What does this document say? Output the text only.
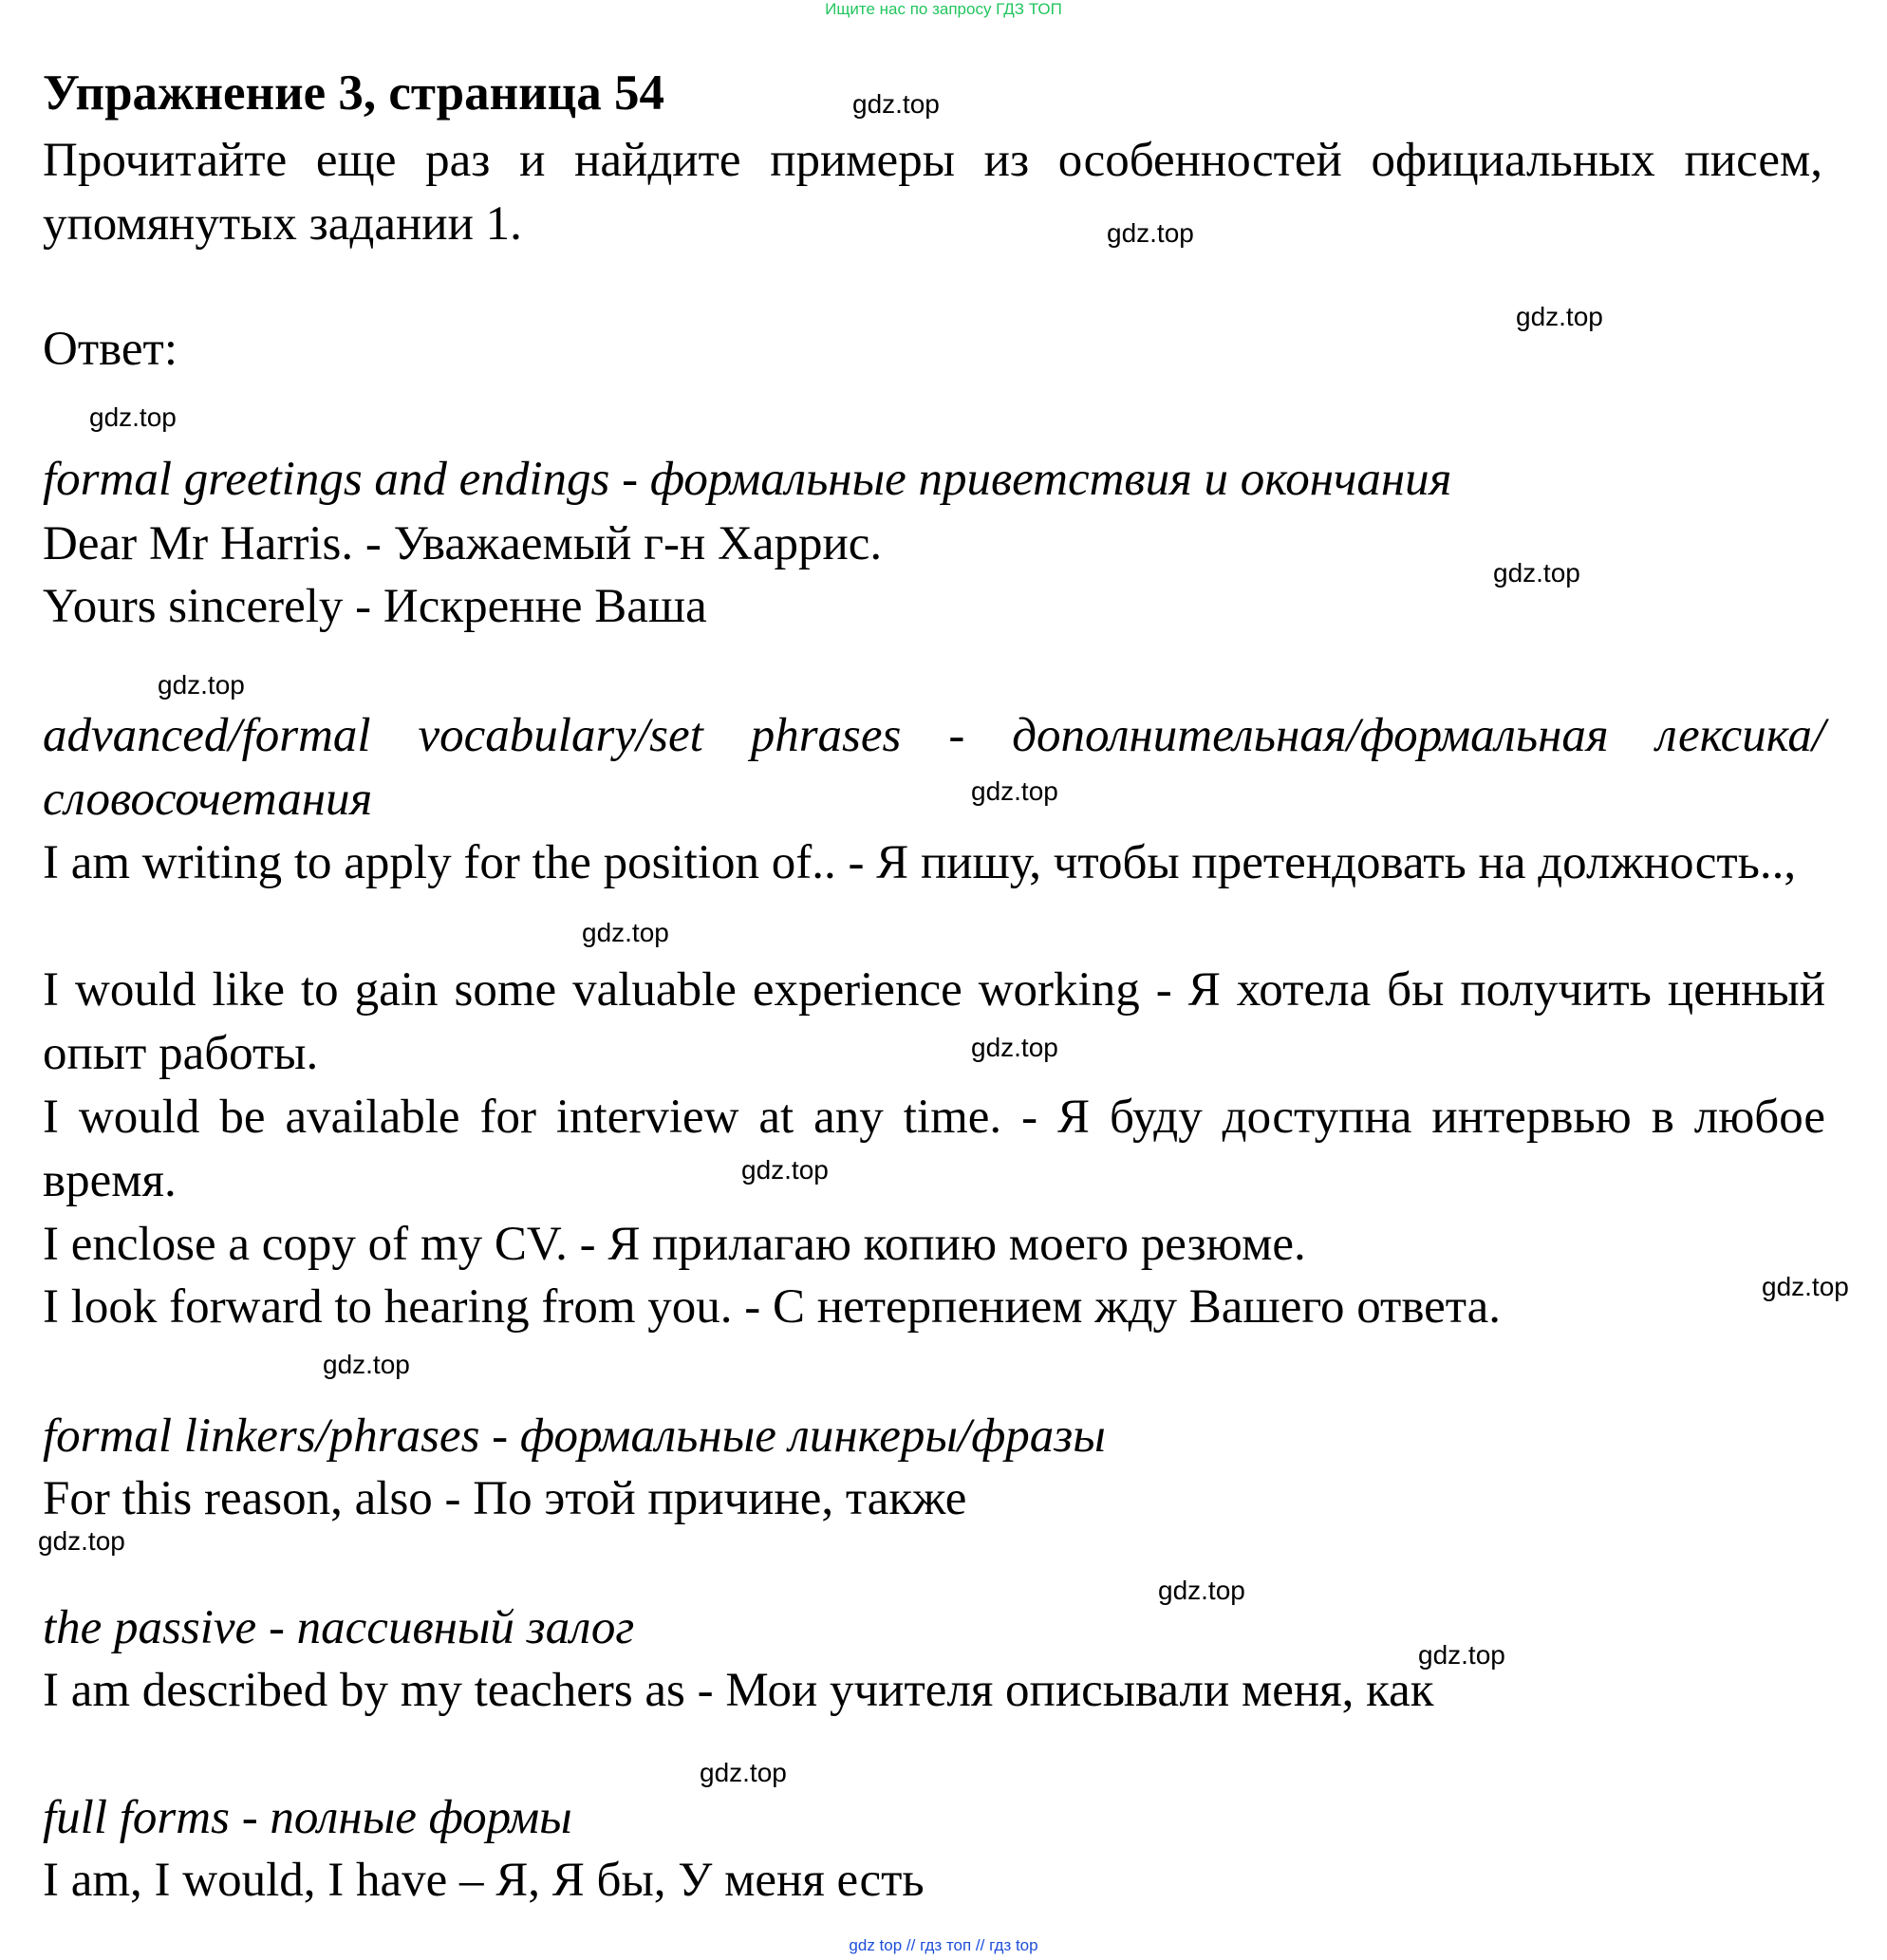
Ищите нас по запросу ГДЗ ТОП
Упражнение 3, страница 54
Прочитайте еще раз и найдите примеры из особенностей официальных писем, упомянутых задании 1.
Ответ:
formal greetings and endings - формальные приветствия и окончания
Dear Mr Harris. - Уважаемый г-н Харрис.
Yours sincerely - Искренне Ваша
advanced/formal vocabulary/set phrases - дополнительная/формальная лексика/словосочетания
I am writing to apply for the position of.. - Я пишу, чтобы претендовать на должность..,
I would like to gain some valuable experience working - Я хотела бы получить ценный опыт работы.
I would be available for interview at any time. - Я буду доступна интервью в любое время.
I enclose a copy of my CV. - Я прилагаю копию моего резюме.
I look forward to hearing from you. - С нетерпением жду Вашего ответа.
formal linkers/phrases - формальные линкеры/фразы
For this reason, also - По этой причине, также
the passive - пассивный залог
I am described by my teachers as - Мои учителя описывали меня, как
full forms - полные формы
I am, I would, I have – Я, Я бы, У меня есть
gdz.top
gdz.top
gdz.top
gdz.top
gdz.top
gdz.top
gdz.top
gdz.top
gdz.top
gdz.top
gdz.top
gdz.top
gdz.top
gdz.top
gdz.top
gdz.top
gdz top // гдз топ // гдз top
